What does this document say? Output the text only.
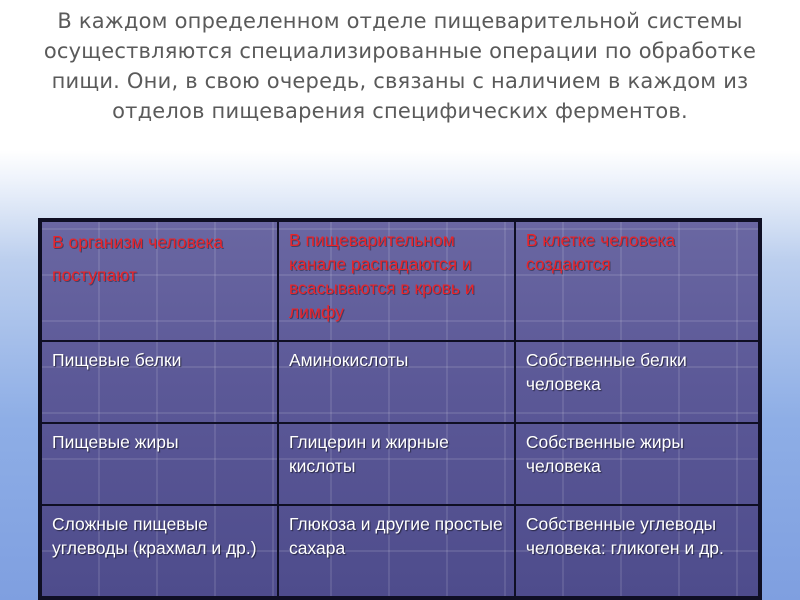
В каждом определенном отделе пищеварительной системы осуществляются специализированные операции по обработке пищи. Они, в свою очередь, связаны с наличием в каждом из отделов пищеварения специфических ферментов.
В организм человека поступают	В пищеварительном канале распадаются и всасываются в кровь и лимфу	В клетке человека создаются
Пищевые белки	Аминокислоты	Собственные белки человека
Пищевые жиры	Глицерин и жирные кислоты	Собственные жиры человека
Сложные пищевые углеводы (крахмал и др.)	Глюкоза и другие простые сахара	Собственные углеводы человека: гликоген и др.
